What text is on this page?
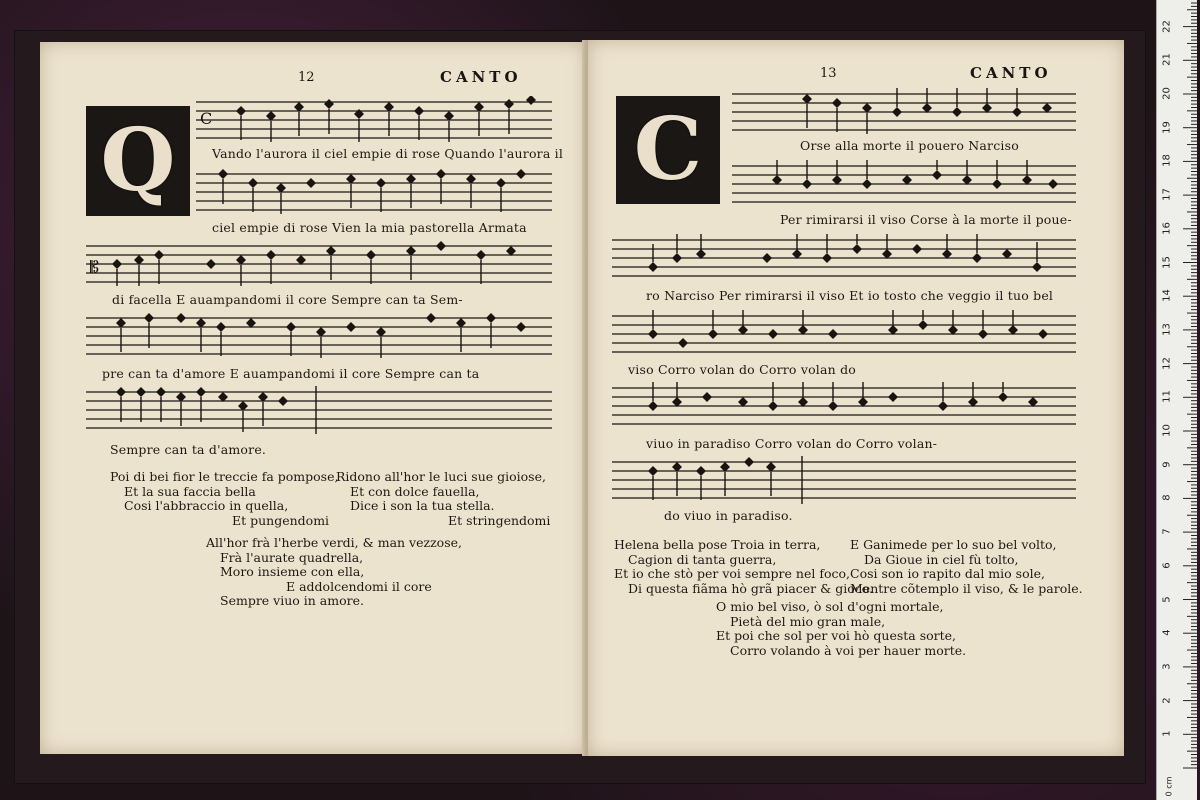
12	CANTO
Q C
Vando l'aurora il ciel empie di rose Quando l'aurora il
ciel empie di rose Vien la mia pastorella Armata
𝄡
di facella E auampandomi il core Sempre can ta Sem-
pre can ta d'amore E auampandomi il core Sempre can ta
Sempre can ta d'amore.
Poi di bei fior le treccie fa pompose,
Et la sua faccia bella
Cosi l'abbraccio in quella,
Et pungendomi
Ridono all'hor le luci sue gioiose,
Et con dolce fauella,
Dice i son la tua stella.
Et stringendomi
All'hor frà l'herbe verdi, & man vezzose,
Frà l'aurate quadrella,
Moro insieme con ella,
E addolcendomi il core
Sempre viuo in amore.
13	CANTO
C	Orse alla morte il pouero Narciso
Per rimirarsi il viso Corse à la morte il poue-
ro Narciso Per rimirarsi il viso Et io tosto che veggio il tuo bel
viso Corro volan do Corro volan do
viuo in paradiso Corro volan do Corro volan-
do viuo in paradiso.
Helena bella pose Troia in terra,
Cagion di tanta guerra,
Et io che stò per voi sempre nel foco,
Di questa fiãma hò grã piacer & gioco.
E Ganimede per lo suo bel volto,
Da Gioue in ciel fù tolto,
Cosi son io rapito dal mio sole,
Mentre cõtemplo il viso, & le parole.
O mio bel viso, ò sol d'ogni mortale,
Pietà del mio gran male,
Et poi che sol per voi hò questa sorte,
Corro volando à voi per hauer morte.
22
21
20
19
18
17
16
15
14
13
12
11
10
9
8
7
6
5
4
3
2
1
0 cm
